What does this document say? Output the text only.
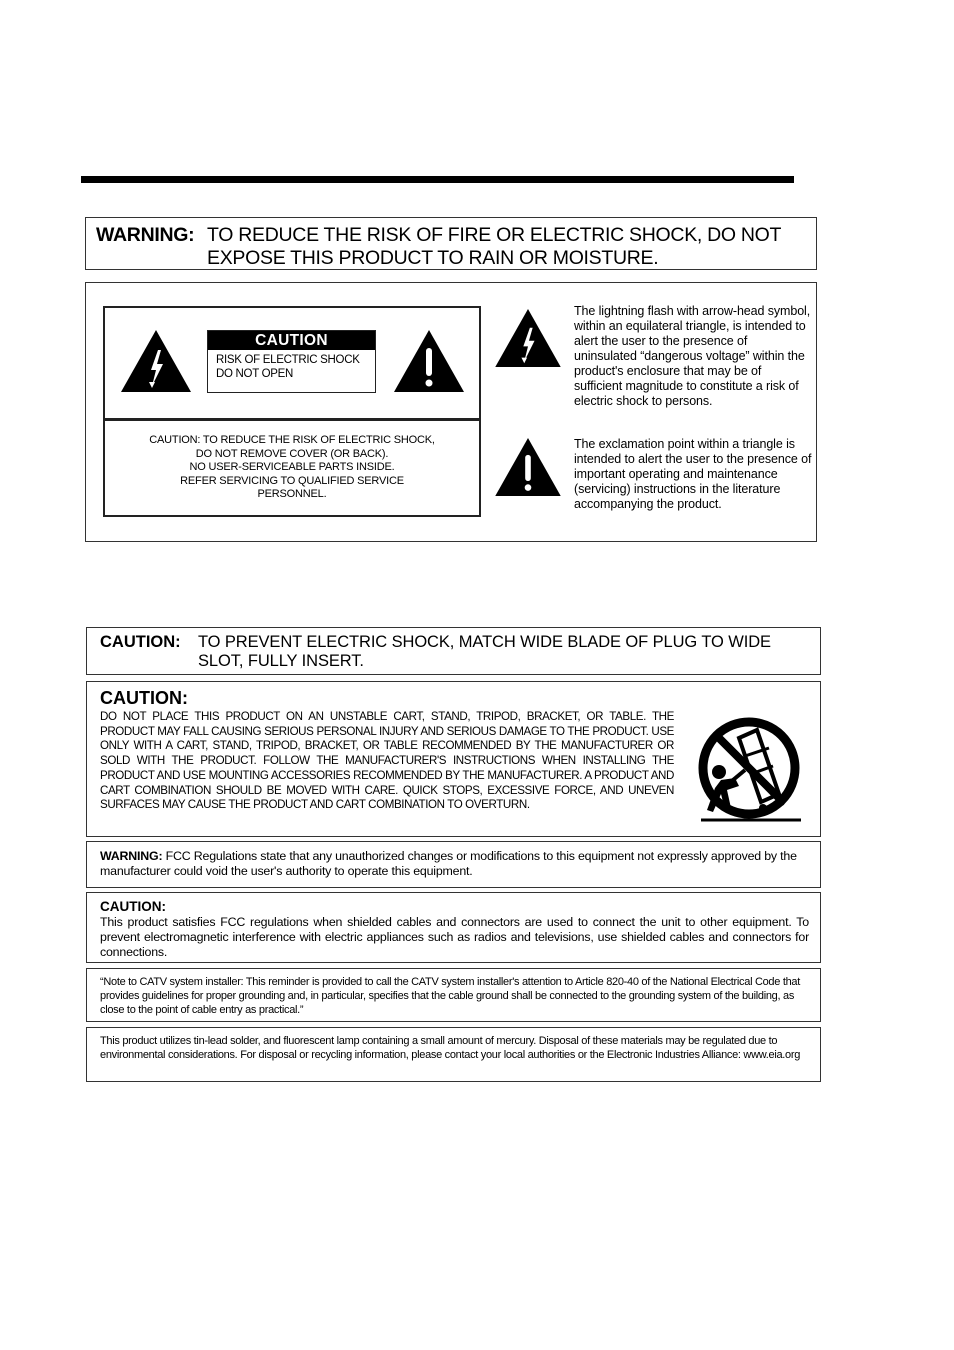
WARNING: TO REDUCE THE RISK OF FIRE OR ELECTRIC SHOCK, DO NOT EXPOSE THIS PRODUCT TO RAIN OR MOISTURE.
CAUTION
RISK OF ELECTRIC SHOCK
DO NOT OPEN
CAUTION: TO REDUCE THE RISK OF ELECTRIC SHOCK,
DO NOT REMOVE COVER (OR BACK).
NO USER-SERVICEABLE PARTS INSIDE.
REFER SERVICING TO QUALIFIED SERVICE
PERSONNEL.
The lightning flash with arrow-head symbol, within an equilateral triangle, is intended to alert the user to the presence of uninsulated “dangerous voltage” within the product's enclosure that may be of sufficient magnitude to constitute a risk of electric shock to persons.
The exclamation point within a triangle is intended to alert the user to the presence of important operating and maintenance (servicing) instructions in the literature accompanying the product.
CAUTION: TO PREVENT ELECTRIC SHOCK, MATCH WIDE BLADE OF PLUG TO WIDE SLOT, FULLY INSERT.
CAUTION:
DO NOT PLACE THIS PRODUCT ON AN UNSTABLE CART, STAND, TRIPOD, BRACKET, OR TABLE. THE PRODUCT MAY FALL CAUSING SERIOUS PERSONAL INJURY AND SERIOUS DAMAGE TO THE PRODUCT. USE ONLY WITH A CART, STAND, TRIPOD, BRACKET, OR TABLE RECOMMENDED BY THE MANUFACTURER OR SOLD WITH THE PRODUCT. FOLLOW THE MANUFACTURER'S INSTRUCTIONS WHEN INSTALLING THE PRODUCT AND USE MOUNTING ACCESSORIES RECOMMENDED BY THE MANUFACTURER. A PRODUCT AND CART COMBINATION SHOULD BE MOVED WITH CARE. QUICK STOPS, EXCESSIVE FORCE, AND UNEVEN SURFACES MAY CAUSE THE PRODUCT AND CART COMBINATION TO OVERTURN.
WARNING: FCC Regulations state that any unauthorized changes or modifications to this equipment not expressly approved by the manufacturer could void the user's authority to operate this equipment.
CAUTION:
This product satisfies FCC regulations when shielded cables and connectors are used to connect the unit to other equipment. To prevent electromagnetic interference with electric appliances such as radios and televisions, use shielded cables and connectors for connections.
“Note to CATV system installer: This reminder is provided to call the CATV system installer's attention to Article 820-40 of the National Electrical Code that provides guidelines for proper grounding and, in particular, specifies that the cable ground shall be connected to the grounding system of the building, as close to the point of cable entry as practical.”
This product utilizes tin-lead solder, and fluorescent lamp containing a small amount of mercury. Disposal of these materials may be regulated due to environmental considerations. For disposal or recycling information, please contact your local authorities or the Electronic Industries Alliance: www.eia.org
